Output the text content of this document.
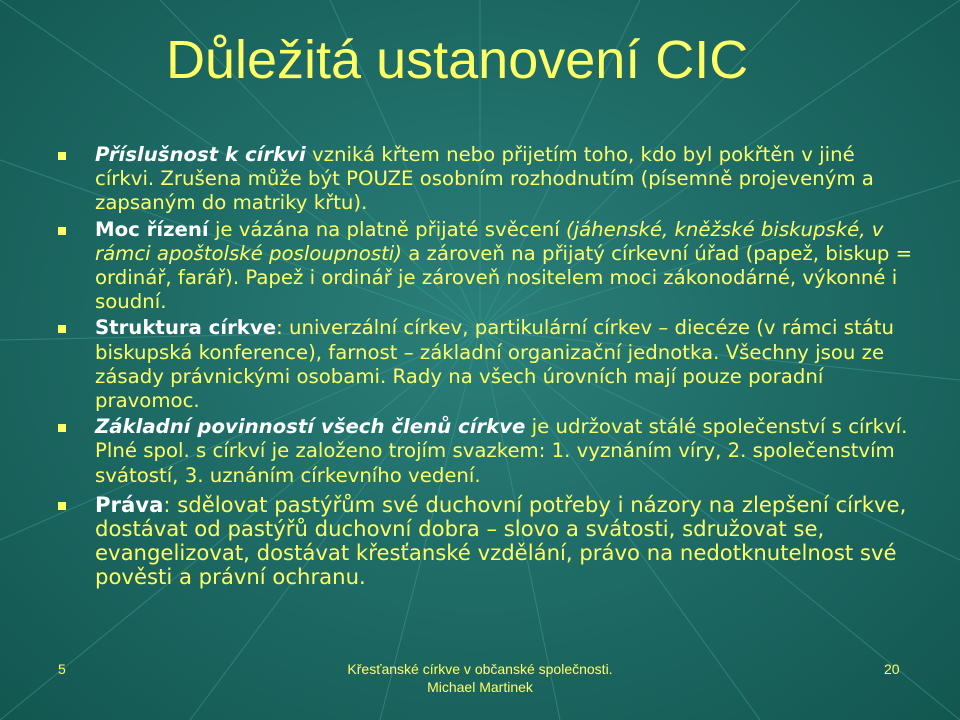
Důležitá ustanovení CIC
Příslušnost k církvi vzniká křtem nebo přijetím toho, kdo byl pokřtěn v jiné církvi. Zrušena může být POUZE osobním rozhodnutím (písemně projeveným a zapsaným do matriky křtu).
Moc řízení je vázána na platně přijaté svěcení (jáhenské, kněžské biskupské, v rámci apoštolské posloupnosti) a zároveň na přijatý církevní úřad (papež, biskup = ordinář, farář). Papež i ordinář je zároveň nositelem moci zákonodárné, výkonné i soudní.
Struktura církve: univerzální církev, partikulární církev – diecéze (v rámci státu biskupská konference), farnost – základní organizační jednotka. Všechny jsou ze zásady právnickými osobami. Rady na všech úrovních mají pouze poradní pravomoc.
Základní povinností všech členů církve je udržovat stálé společenství s církví. Plné spol. s církví je založeno trojím svazkem: 1. vyznáním víry, 2. společenstvím svátostí, 3. uznáním církevního vedení.
Práva: sdělovat pastýřům své duchovní potřeby i názory na zlepšení církve, dostávat od pastýřů duchovní dobra – slovo a svátosti, sdružovat se, evangelizovat, dostávat křesťanské vzdělání, právo na nedotknutelnost své pověsti a právní ochranu.
5	Křesťanské církve v občanské společnosti.
Michael Martinek
20
